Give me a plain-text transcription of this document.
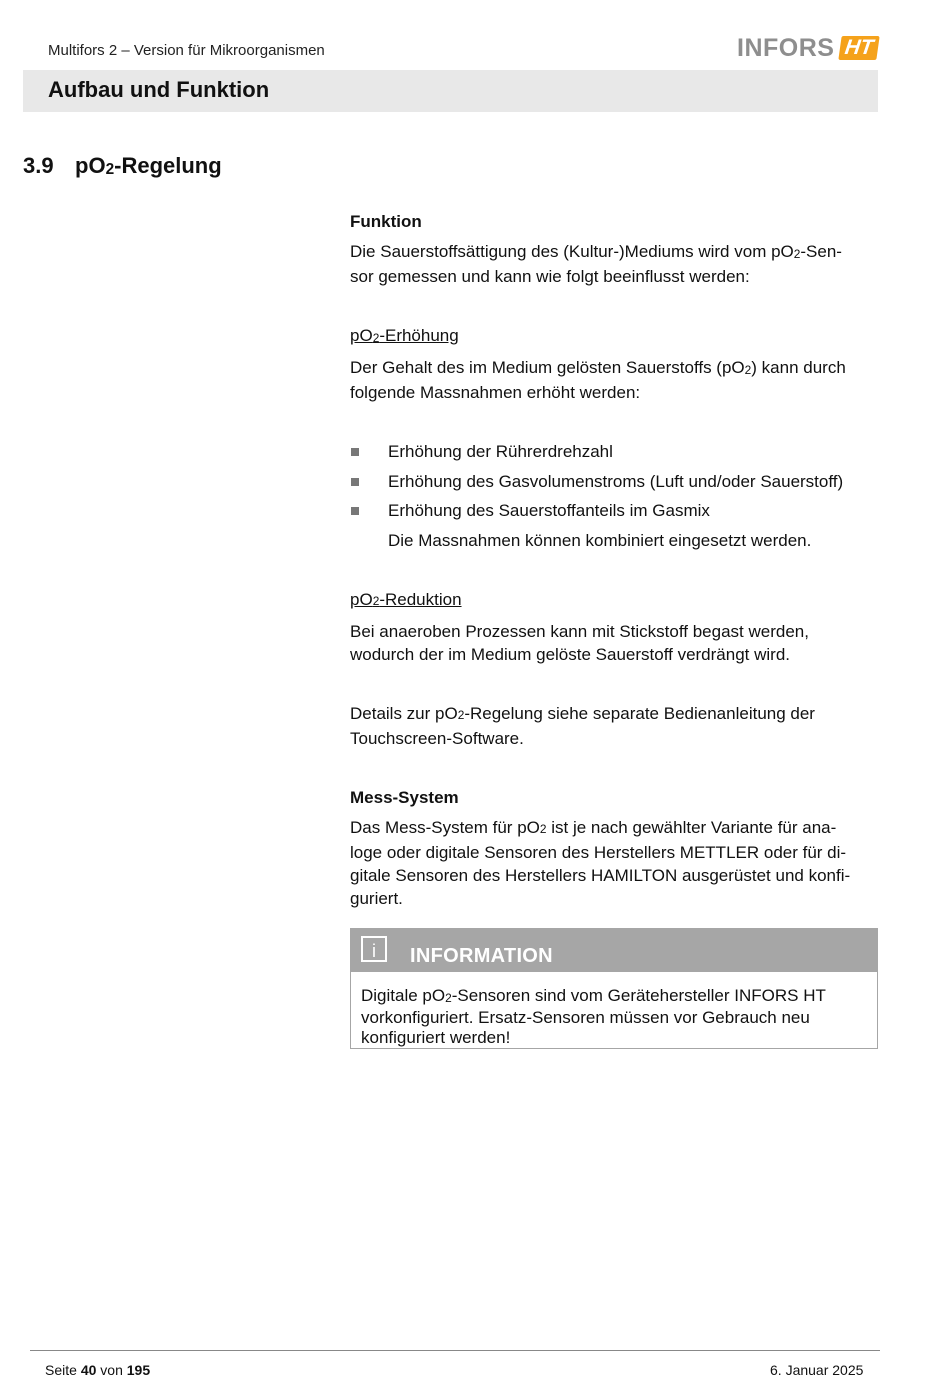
Multifors 2 – Version für Mikroorganismen	INFORS HT
Aufbau und Funktion
3.9 $pO_2$-Regelung

Funktion

Die Sauerstoffsättigung des (Kultur-)Mediums wird vom $pO_2-Sen-$
sor gemessen und kann wie folgt beeinflusst werden:

$pO_2$-Erhöhung

Der Gehalt des im Medium gelösten Sauerstoffs $(pO_2)$ kann durch
folgende Massnahmen erhöht werden:

Erhöhung der Rührerdrehzahl
Erhöhung des Gasvolumenstroms (Luft und/oder Sauerstoff)
Erhöhung des Sauerstoffanteils im Gasmix

Die Massnahmen können kombiniert eingesetzt werden.

$pO_2$-Reduktion

Bei anaeroben Prozessen kann mit Stickstoff begast werden,
wodurch der im Medium gelöste Sauerstoff verdrängt wird.

Details zur $pO_2$-Regelung siehe separate Bedienanleitung der
Touchscreen-Software.

Mess-System

Das Mess-System für $pO_2$ ist je nach gewählter Variante für ana-
loge oder digitale Sensoren des Herstellers METTLER oder für di-
gitale Sensoren des Herstellers HAMILTON ausgerüstet und konfi-
guriert.

i	INFORMATION
Digitale $pO_2$-Sensoren sind vom Gerätehersteller INFORS HT
vorkonfiguriert. Ersatz-Sensoren müssen vor Gebrauch neu
konfiguriert werden!
Seite 40 von 195	6. Januar 2025
